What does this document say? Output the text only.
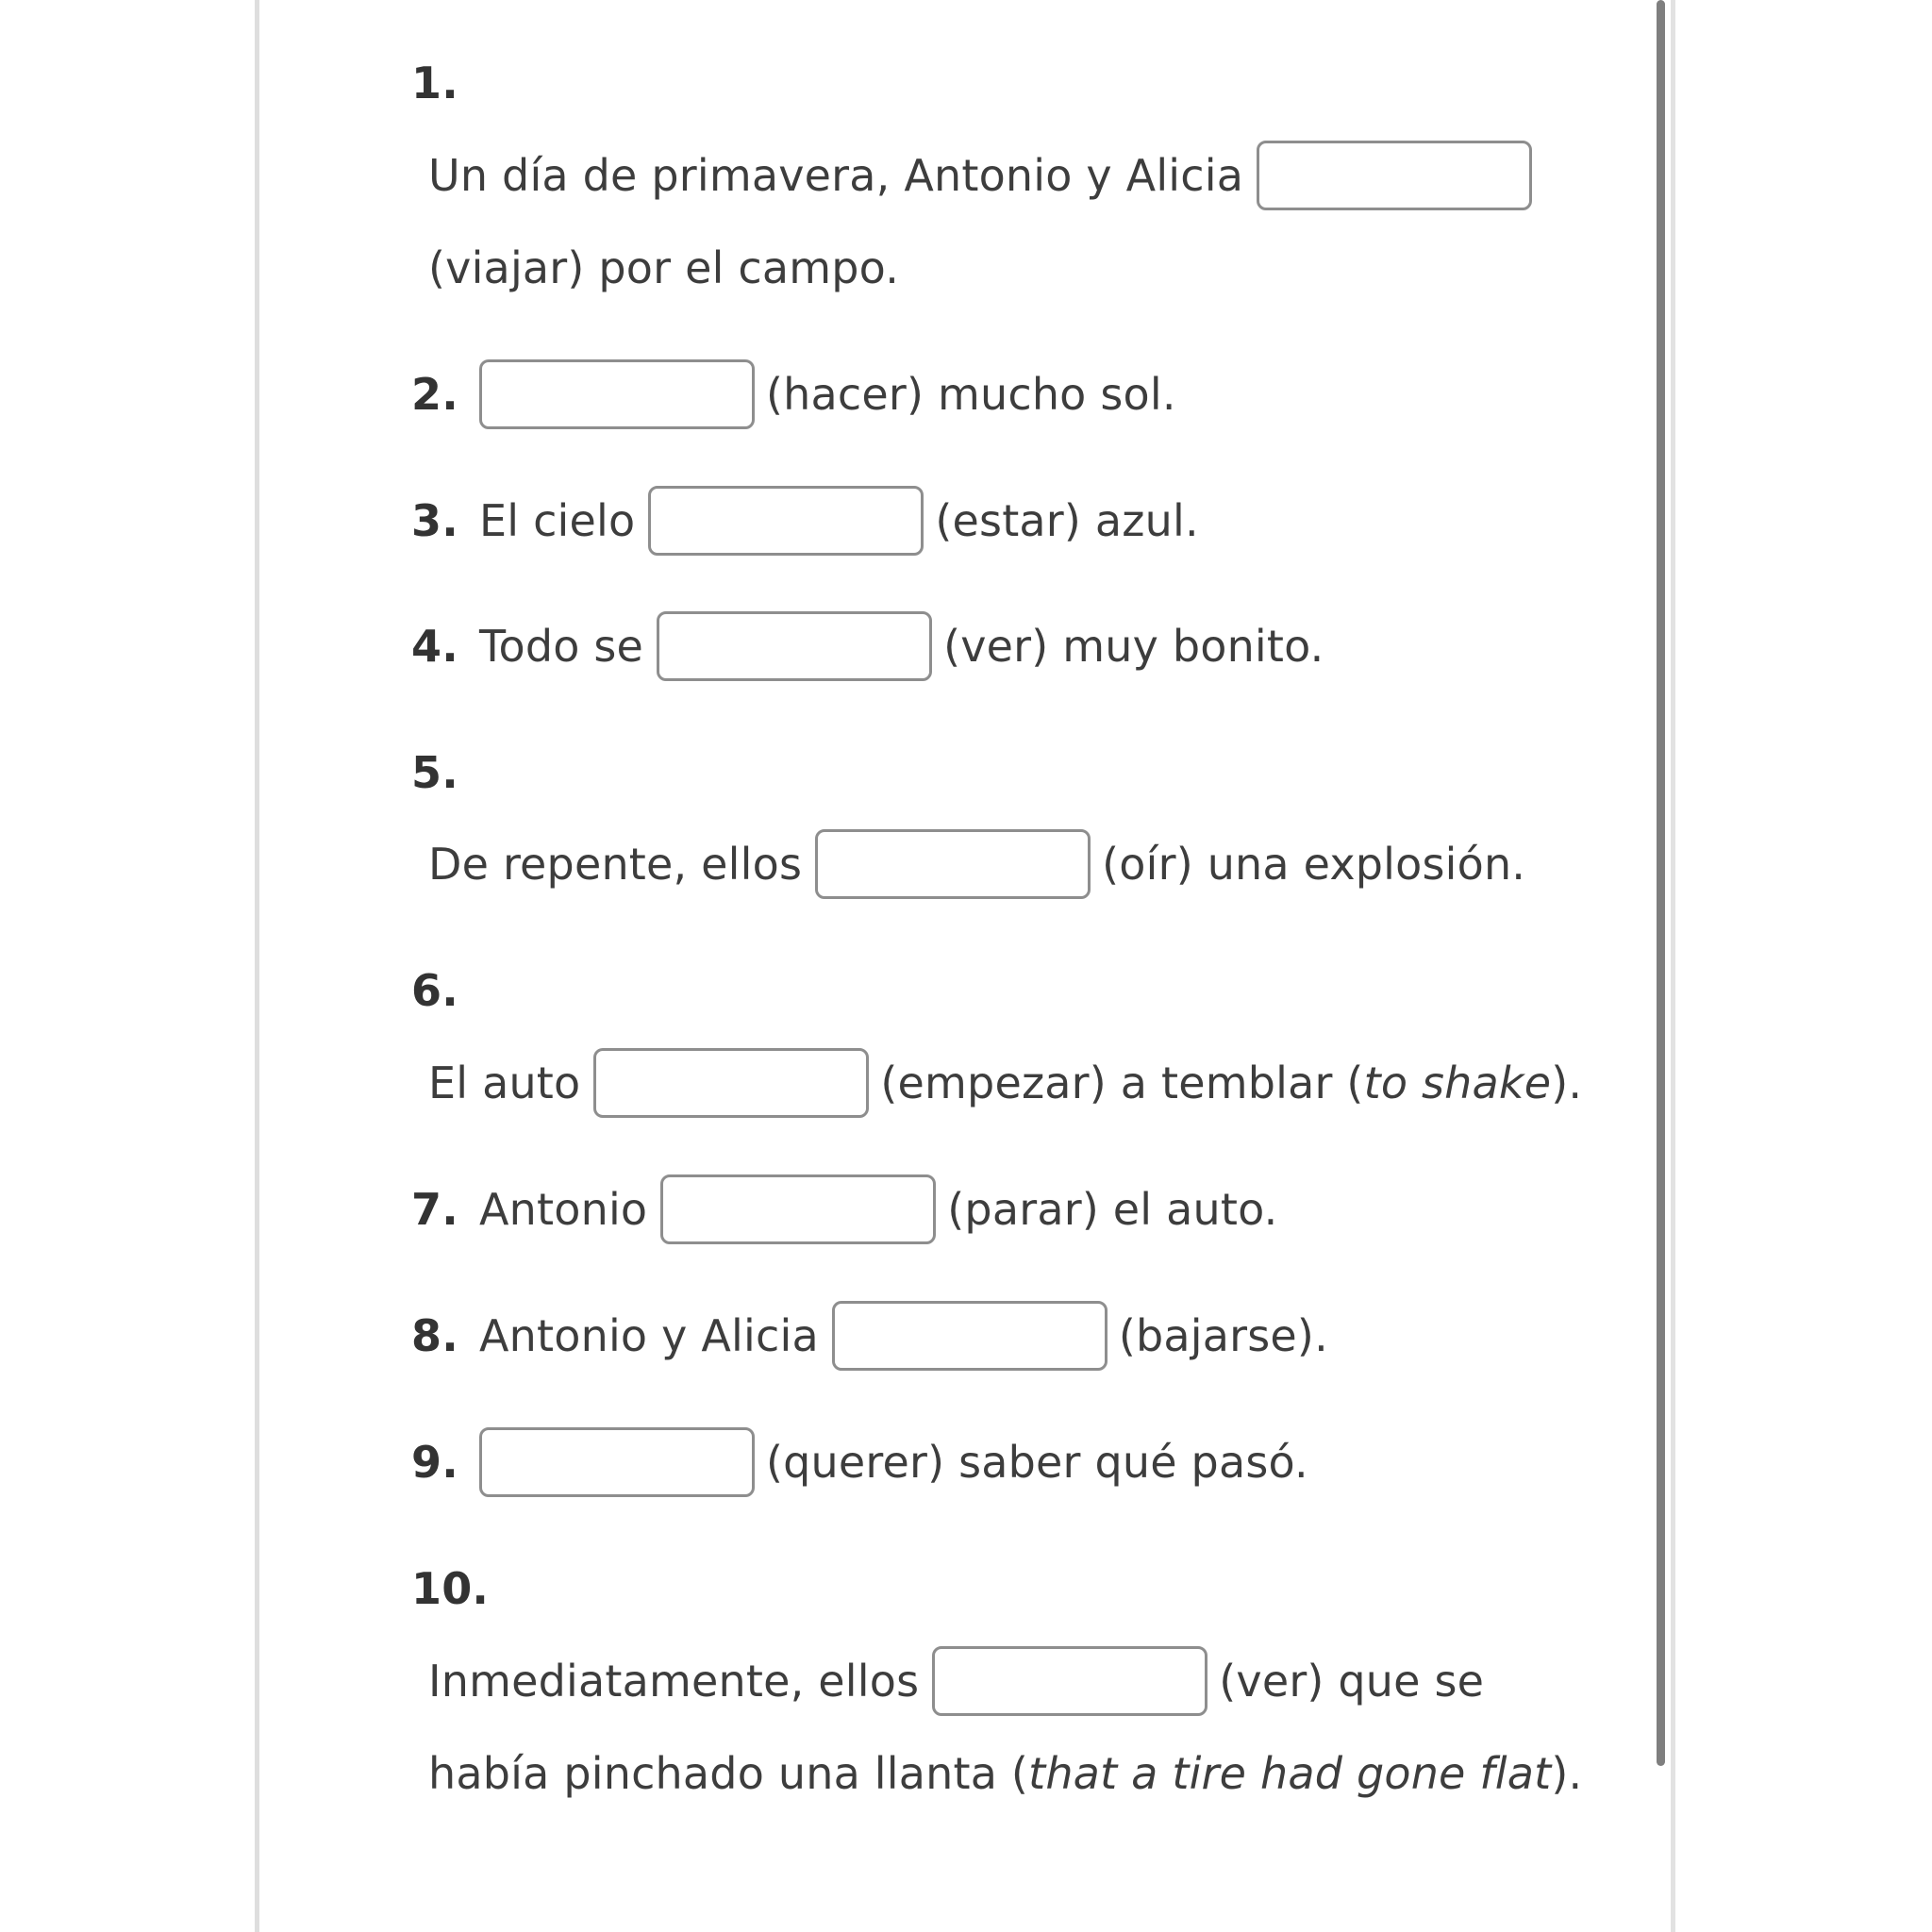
1.
Un día de primavera, Antonio y Alicia
(viajar) por el campo.
2.	(hacer) mucho sol.
3. El cielo	(estar) azul.
4. Todo se	(ver) muy bonito.
5.
De repente, ellos	(oír) una explosión.
6.
El auto	(empezar) a temblar (to shake).
7. Antonio	(parar) el auto.
8. Antonio y Alicia	(bajarse).
9.	(querer) saber qué pasó.
10.
Inmediatamente, ellos	(ver) que se
había pinchado una llanta (that a tire had gone flat).
